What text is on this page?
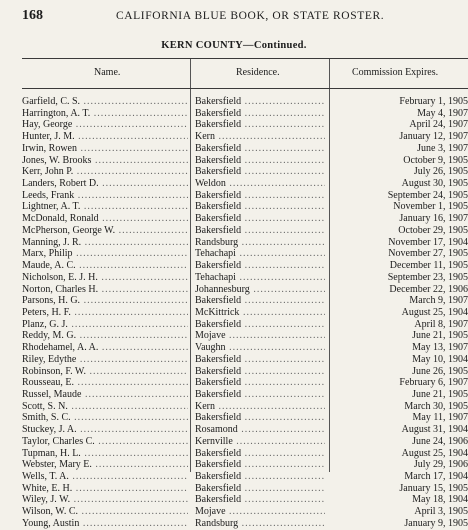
168	CALIFORNIA BLUE BOOK, OR STATE ROSTER.
KERN COUNTY—Continued.
Name.	Residence.	Commission Expires.
Garfield, C. S. .....	Bakersfield .....	February 1, 1905
Harrington, A. T. .....	Bakersfield .....	May 4, 1907
Hay, George .....	Bakersfield .....	April 24, 1907
Hunter, J. M. .....	Kern .....	January 12, 1907
Irwin, Rowen .....	Bakersfield .....	June 3, 1907
Jones, W. Brooks .....	Bakersfield .....	October 9, 1905
Kerr, John P. .....	Bakersfield .....	July 26, 1905
Landers, Robert D. .....	Weldon .....	August 30, 1905
Leeds, Frank .....	Bakersfield .....	September 24, 1905
Lightner, A. T. .....	Bakersfield .....	November 1, 1905
McDonald, Ronald .....	Bakersfield .....	January 16, 1907
McPherson, George W. .....	Bakersfield .....	October 29, 1905
Manning, J. R. .....	Randsburg .....	November 17, 1904
Marx, Philip .....	Tehachapi .....	November 27, 1905
Maude, A. C. .....	Bakersfield .....	December 11, 1905
Nicholson, E. J. H. .....	Tehachapi .....	September 23, 1905
Norton, Charles H. .....	Johannesburg .....	December 22, 1906
Parsons, H. G. .....	Bakersfield .....	March 9, 1907
Peters, H. F. .....	McKittrick .....	August 25, 1904
Planz, G. J. .....	Bakersfield .....	April 8, 1907
Reddy, M. G. .....	Mojave .....	June 21, 1905
Rhodehamel, A. A. .....	Vaughn .....	May 13, 1907
Riley, Edythe .....	Bakersfield .....	May 10, 1904
Robinson, F. W. .....	Bakersfield .....	June 26, 1905
Rousseau, E. .....	Bakersfield .....	February 6, 1907
Russel, Maude .....	Bakersfield .....	June 21, 1905
Scott, S. N. .....	Kern .....	March 30, 1905
Smith, S. C. .....	Bakersfield .....	May 11, 1907
Stuckey, J. A. .....	Rosamond .....	August 31, 1904
Taylor, Charles C. .....	Kernville .....	June 24, 1906
Tupman, H. L. .....	Bakersfield .....	August 25, 1904
Webster, Mary E. .....	Bakersfield .....	July 29, 1906
Wells, T. A. .....	Bakersfield .....	March 17, 1904
White, E. H. .....	Bakersfield .....	January 15, 1905
Wiley, J. W. .....	Bakersfield .....	May 18, 1904
Wilson, W. C. .....	Mojave .....	April 3, 1905
Young, Austin .....	Randsburg .....	January 9, 1905
